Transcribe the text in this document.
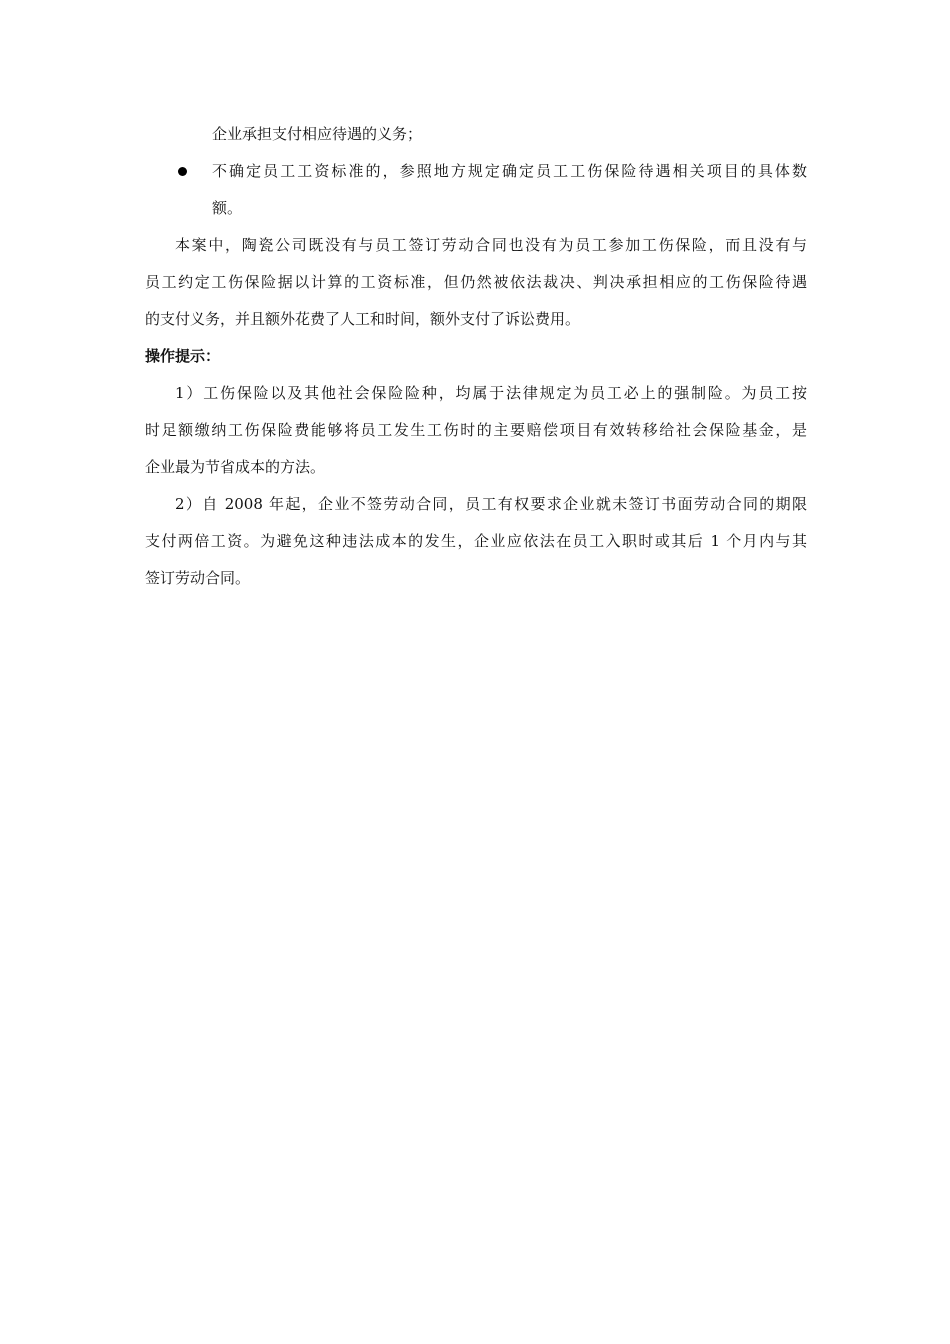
企业承担支付相应待遇的义务；
不确定员工工资标准的，参照地方规定确定员工工伤保险待遇相关项目的具体数
额。
本案中，陶瓷公司既没有与员工签订劳动合同也没有为员工参加工伤保险，而且没有与
员工约定工伤保险据以计算的工资标准，但仍然被依法裁决、判决承担相应的工伤保险待遇
的支付义务，并且额外花费了人工和时间，额外支付了诉讼费用。
操作提示：
1）工伤保险以及其他社会保险险种，均属于法律规定为员工必上的强制险。为员工按
时足额缴纳工伤保险费能够将员工发生工伤时的主要赔偿项目有效转移给社会保险基金，是
企业最为节省成本的方法。
2）自 2008 年起，企业不签劳动合同，员工有权要求企业就未签订书面劳动合同的期限
支付两倍工资。为避免这种违法成本的发生，企业应依法在员工入职时或其后 1 个月内与其
签订劳动合同。
